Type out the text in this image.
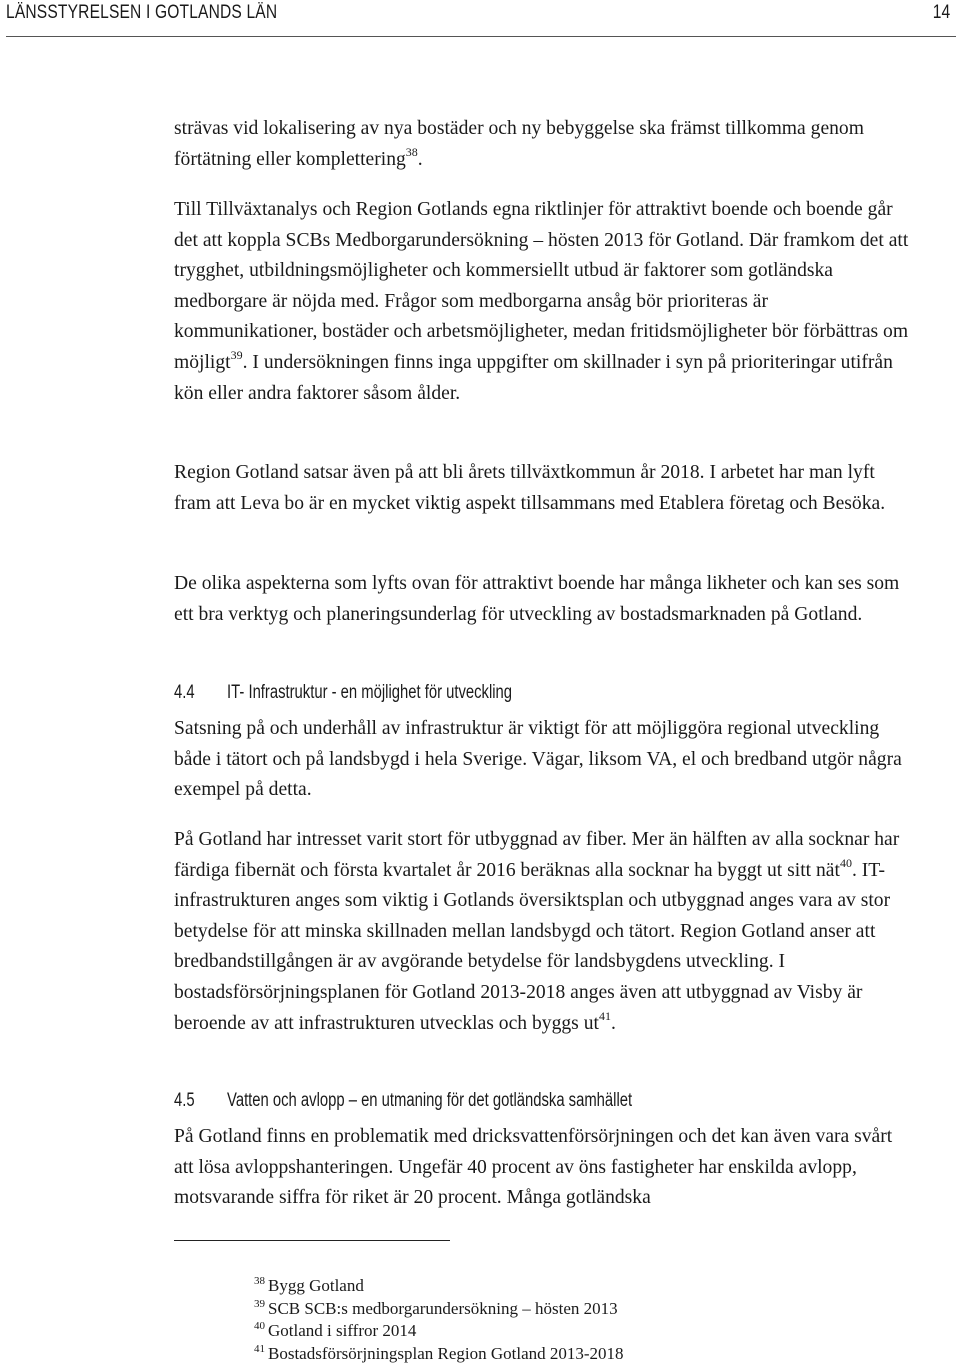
LÄNSSTYRELSEN I GOTLANDS LÄN	14

strävas vid lokalisering av nya bostäder och ny bebyggelse ska främst tillkomma genom förtätning eller komplettering$^{38}$.

Till Tillväxtanalys och Region Gotlands egna riktlinjer för attraktivt boende och boende går det att koppla SCBs Medborgarundersökning – hösten 2013 för Gotland. Där framkom det att trygghet, utbildningsmöjligheter och kommersiellt utbud är faktorer som gotländska medborgare är nöjda med. Frågor som medborgarna ansåg bör prioriteras är kommunikationer, bostäder och arbetsmöjligheter, medan fritidsmöjligheter bör förbättras om möjligt$^{39}$. I undersökningen finns inga uppgifter om skillnader i syn på prioriteringar utifrån kön eller andra faktorer såsom ålder.

Region Gotland satsar även på att bli årets tillväxtkommun år 2018. I arbetet har man lyft fram att Leva bo är en mycket viktig aspekt tillsammans med Etablera företag och Besöka.

De olika aspekterna som lyfts ovan för attraktivt boende har många likheter och kan ses som ett bra verktyg och planeringsunderlag för utveckling av bostadsmarknaden på Gotland.

4.4 IT- Infrastruktur - en möjlighet för utveckling

Satsning på och underhåll av infrastruktur är viktigt för att möjliggöra regional utveckling både i tätort och på landsbygd i hela Sverige. Vägar, liksom VA, el och bredband utgör några exempel på detta.

På Gotland har intresset varit stort för utbyggnad av fiber. Mer än hälften av alla socknar har färdiga fibernät och första kvartalet år 2016 beräknas alla socknar ha byggt ut sitt nät$^{40}$. IT-infrastrukturen anges som viktig i Gotlands översiktsplan och utbyggnad anges vara av stor betydelse för att minska skillnaden mellan landsbygd och tätort. Region Gotland anser att bredbandstillgången är av avgörande betydelse för landsbygdens utveckling. I bostadsförsörjningsplanen för Gotland 2013-2018 anges även att utbyggnad av Visby är beroende av att infrastrukturen utvecklas och byggs $ut^{41}$.

4.5 Vatten och avlopp – en utmaning för det gotländska samhället

På Gotland finns en problematik med dricksvattenförsörjningen och det kan även vara svårt att lösa avloppshanteringen. Ungefär 40 procent av öns fastigheter har enskilda avlopp, motsvarande siffra för riket är 20 procent. Många gotländska

$^{38}$ Bygg Gotland
$^{39}$ SCB SCB:s medborgarundersökning – hösten 2013
$^{40}$ Gotland i siffror 2014
$^{41}$ Bostadsförsörjningsplan Region Gotland 2013-2018
